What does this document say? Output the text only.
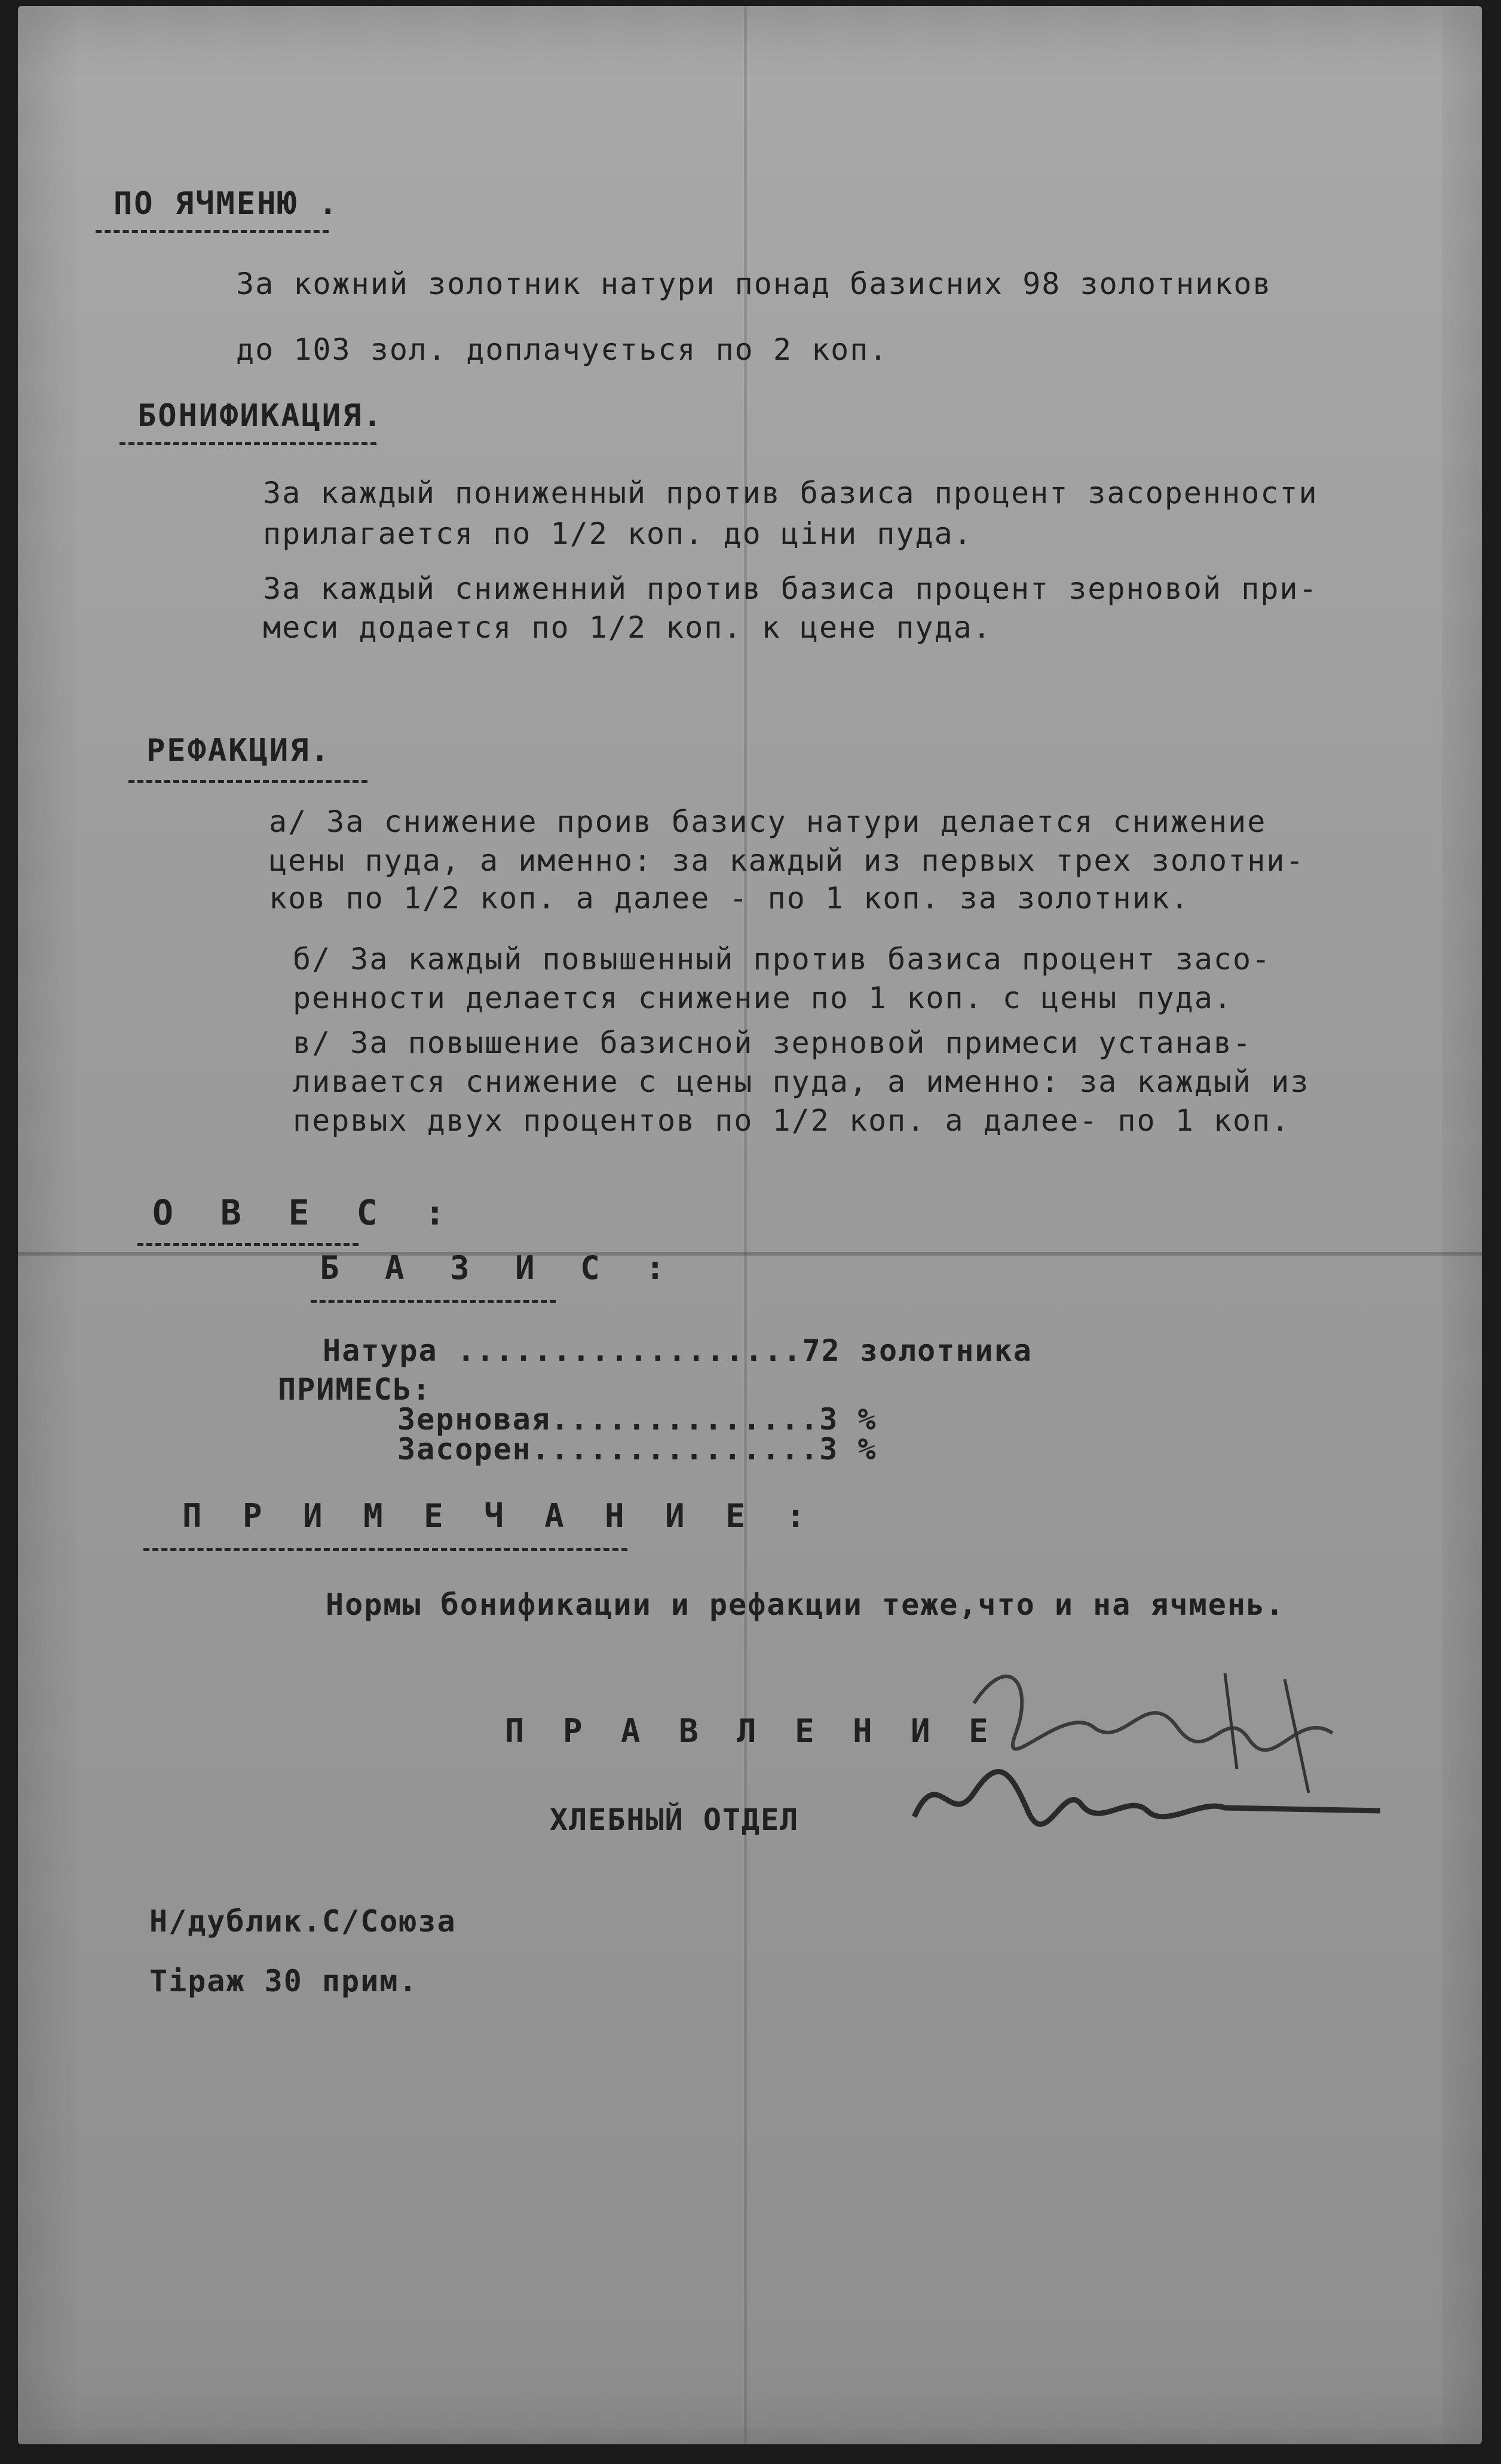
ПО ЯЧМЕНЮ .
За кожний золотник натури понад базисних 98 золотников
до 103 зол. доплачується по 2 коп.
БОНИФИКАЦИЯ.
За каждый пониженный против базиса процент засоренности
прилагается по 1/2 коп. до ціни пуда.
За каждый сниженний против базиса процент зерновой при-
меси додается по 1/2 коп. к цене пуда.
РЕФАКЦИЯ.
а/ За снижение проив базису натури делается снижение
цены пуда, а именно: за каждый из первых трех золотни-
ков по 1/2 коп. а далее - по 1 коп. за золотник.
б/ За каждый повышенный против базиса процент засо-
ренности делается снижение по 1 коп. с цены пуда.
в/ За повышение базисной зерновой примеси устанав-
ливается снижение с цены пуда, а именно: за каждый из
первых двух процентов по 1/2 коп. а далее- по 1 коп.
О В Е С :
Б А З И С :
Натура ..................72 золотника
ПРИМЕСЬ:
Зерновая..............3 %
Засорен...............3 %
П Р И М Е Ч А Н И Е :
Нормы бонификации и рефакции теже,что и на ячмень.
П Р А В Л Е Н И Е
ХЛЕБНЫЙ ОТДЕЛ
Н/дублик.С/Союза
Тіраж 30 прим.
